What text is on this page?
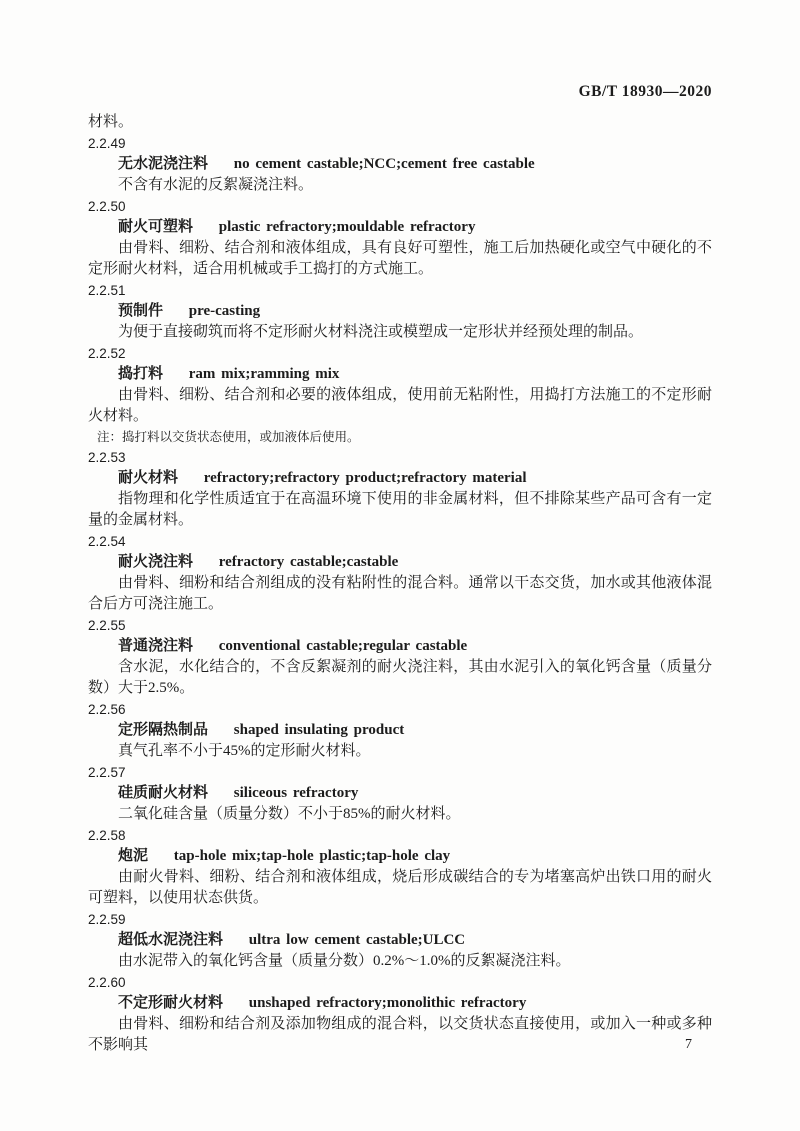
GB/T 18930—2020

材料。

2.2.49
无水泥浇注料 no cement castable;NCC;cement free castable

不含有水泥的反絮凝浇注料。

2.2.50
耐火可塑料 plastic refractory;mouldable refractory

由骨料、细粉、结合剂和液体组成，具有良好可塑性，施工后加热硬化或空气中硬化的不定形耐火材料，适合用机械或手工捣打的方式施工。

2.2.51
预制件 pre-casting

为便于直接砌筑而将不定形耐火材料浇注或模塑成一定形状并经预处理的制品。

2.2.52
捣打料 ram mix;ramming mix

由骨料、细粉、结合剂和必要的液体组成，使用前无粘附性，用捣打方法施工的不定形耐火材料。

注：捣打料以交货状态使用，或加液体后使用。

2.2.53
耐火材料 refractory;refractory product;refractory material

指物理和化学性质适宜于在高温环境下使用的非金属材料，但不排除某些产品可含有一定量的金属材料。

2.2.54
耐火浇注料 refractory castable;castable

由骨料、细粉和结合剂组成的没有粘附性的混合料。通常以干态交货，加水或其他液体混合后方可浇注施工。

2.2.55
普通浇注料 conventional castable;regular castable

含水泥，水化结合的，不含反絮凝剂的耐火浇注料，其由水泥引入的氧化钙含量（质量分数）大于2.5%。

2.2.56
定形隔热制品 shaped insulating product

真气孔率不小于45%的定形耐火材料。

2.2.57
硅质耐火材料 siliceous refractory

二氧化硅含量（质量分数）不小于85%的耐火材料。

2.2.58
炮泥 tap-hole mix;tap-hole plastic;tap-hole clay

由耐火骨料、细粉、结合剂和液体组成，烧后形成碳结合的专为堵塞高炉出铁口用的耐火可塑料，以使用状态供货。

2.2.59
超低水泥浇注料 ultra low cement castable;ULCC

由水泥带入的氧化钙含量（质量分数）0.2%～1.0%的反絮凝浇注料。

2.2.60
不定形耐火材料 unshaped refractory;monolithic refractory

由骨料、细粉和结合剂及添加物组成的混合料，以交货状态直接使用，或加入一种或多种不影响其	7
